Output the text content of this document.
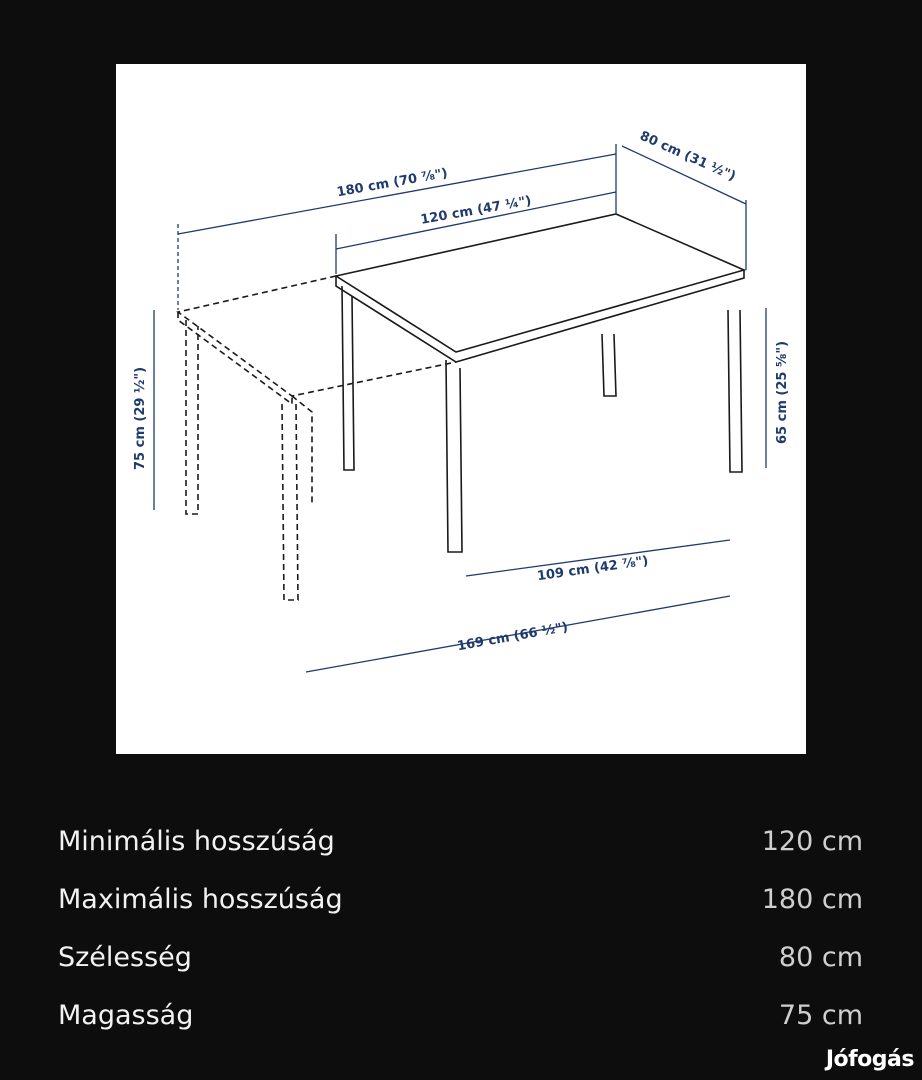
180 cm (70 ⅞")
120 cm (47 ¼")
80 cm (31 ½")
75 cm (29 ½")	65 cm (25 ⅝")
109 cm (42 ⅞")
169 cm (66 ½")
Minimális hosszúság	120 cm
Maximális hosszúság	180 cm
Szélesség	80 cm
Magasság	75 cm
Jófogás
